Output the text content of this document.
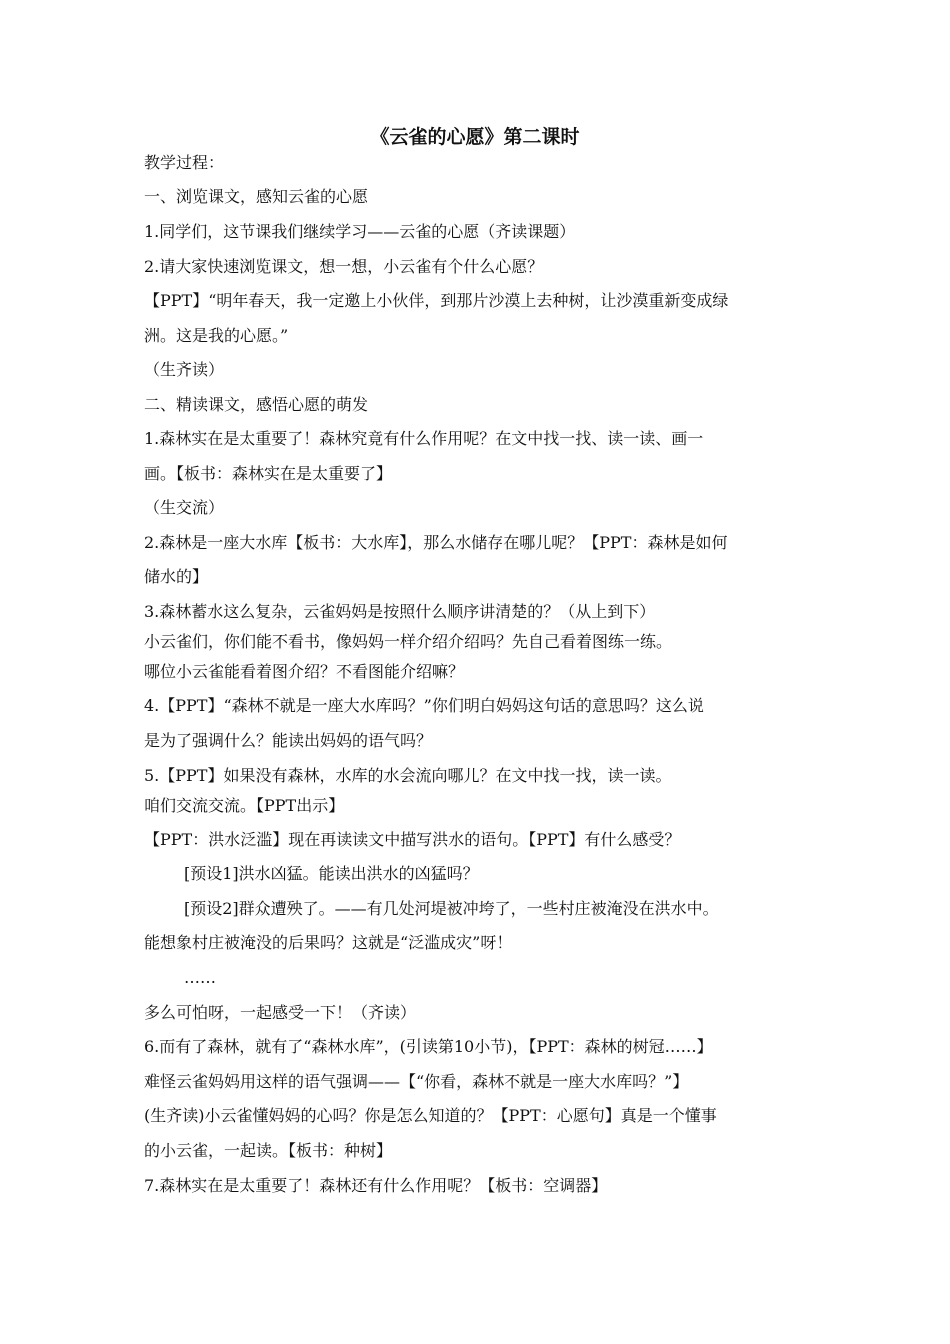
《云雀的心愿》第二课时

教学过程：

一、浏览课文，感知云雀的心愿

1.同学们，这节课我们继续学习——云雀的心愿（齐读课题）

2.请大家快速浏览课文，想一想，小云雀有个什么心愿？

【PPT】“明年春天，我一定邀上小伙伴，到那片沙漠上去种树，让沙漠重新变成绿

洲。这是我的心愿。”

（生齐读）

二、精读课文，感悟心愿的萌发

1.森林实在是太重要了！森林究竟有什么作用呢？在文中找一找、读一读、画一

画。【板书：森林实在是太重要了】

（生交流）

2.森林是一座大水库【板书：大水库】，那么水储存在哪儿呢？【PPT：森林是如何

储水的】

3.森林蓄水这么复杂，云雀妈妈是按照什么顺序讲清楚的？（从上到下）

小云雀们，你们能不看书，像妈妈一样介绍介绍吗？先自己看着图练一练。

哪位小云雀能看着图介绍？不看图能介绍嘛？

4.【PPT】“森林不就是一座大水库吗？”你们明白妈妈这句话的意思吗？这么说

是为了强调什么？能读出妈妈的语气吗？

5.【PPT】如果没有森林，水库的水会流向哪儿？在文中找一找，读一读。

咱们交流交流。【PPT出示】

【PPT：洪水泛滥】现在再读读文中描写洪水的语句。【PPT】有什么感受？

[预设1]洪水凶猛。能读出洪水的凶猛吗？

[预设2]群众遭殃了。——有几处河堤被冲垮了，一些村庄被淹没在洪水中。

能想象村庄被淹没的后果吗？这就是“泛滥成灾”呀！

……

多么可怕呀，一起感受一下！（齐读）

6.而有了森林，就有了“森林水库”，(引读第10小节)，【PPT：森林的树冠……】

难怪云雀妈妈用这样的语气强调——【“你看，森林不就是一座大水库吗？”】

(生齐读)小云雀懂妈妈的心吗？你是怎么知道的？【PPT：心愿句】真是一个懂事

的小云雀，一起读。【板书：种树】

7.森林实在是太重要了！森林还有什么作用呢？【板书：空调器】
